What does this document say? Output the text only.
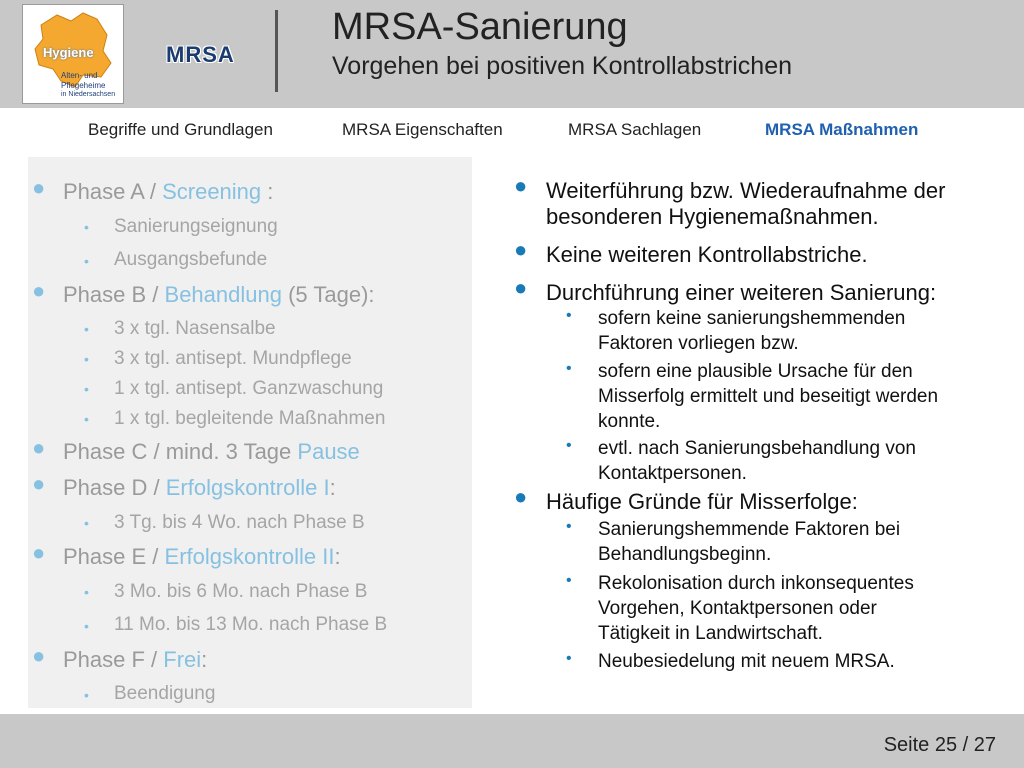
Hygiene
Alten- und
Pflegeheime
in Niedersachsen
MRSA
MRSA-Sanierung
Vorgehen bei positiven Kontrollabstrichen
Begriffe und Grundlagen	MRSA Eigenschaften	MRSA Sachlagen	MRSA Maßnahmen
● Phase A / Screening :
• Sanierungseignung
• Ausgangsbefunde
● Phase B / Behandlung (5 Tage):
• 3 x tgl. Nasensalbe
• 3 x tgl. antisept. Mundpflege
• 1 x tgl. antisept. Ganzwaschung
• 1 x tgl. begleitende Maßnahmen
● Phase C / mind. 3 Tage Pause
● Phase D / Erfolgskontrolle I:
• 3 Tg. bis 4 Wo. nach Phase B
● Phase E / Erfolgskontrolle II:
• 3 Mo. bis 6 Mo. nach Phase B
• 11 Mo. bis 13 Mo. nach Phase B
● Phase F / Frei:
• Beendigung
● Weiterführung bzw. Wiederaufnahme der
besonderen Hygienemaßnahmen.
● Keine weiteren Kontrollabstriche.
● Durchführung einer weiteren Sanierung:
• sofern keine sanierungshemmenden
Faktoren vorliegen bzw.
• sofern eine plausible Ursache für den
Misserfolg ermittelt und beseitigt werden
konnte.
• evtl. nach Sanierungsbehandlung von
Kontaktpersonen.
● Häufige Gründe für Misserfolge:
• Sanierungshemmende Faktoren bei
Behandlungsbeginn.
• Rekolonisation durch inkonsequentes
Vorgehen, Kontaktpersonen oder
Tätigkeit in Landwirtschaft.
• Neubesiedelung mit neuem MRSA.
Seite 25 / 27
